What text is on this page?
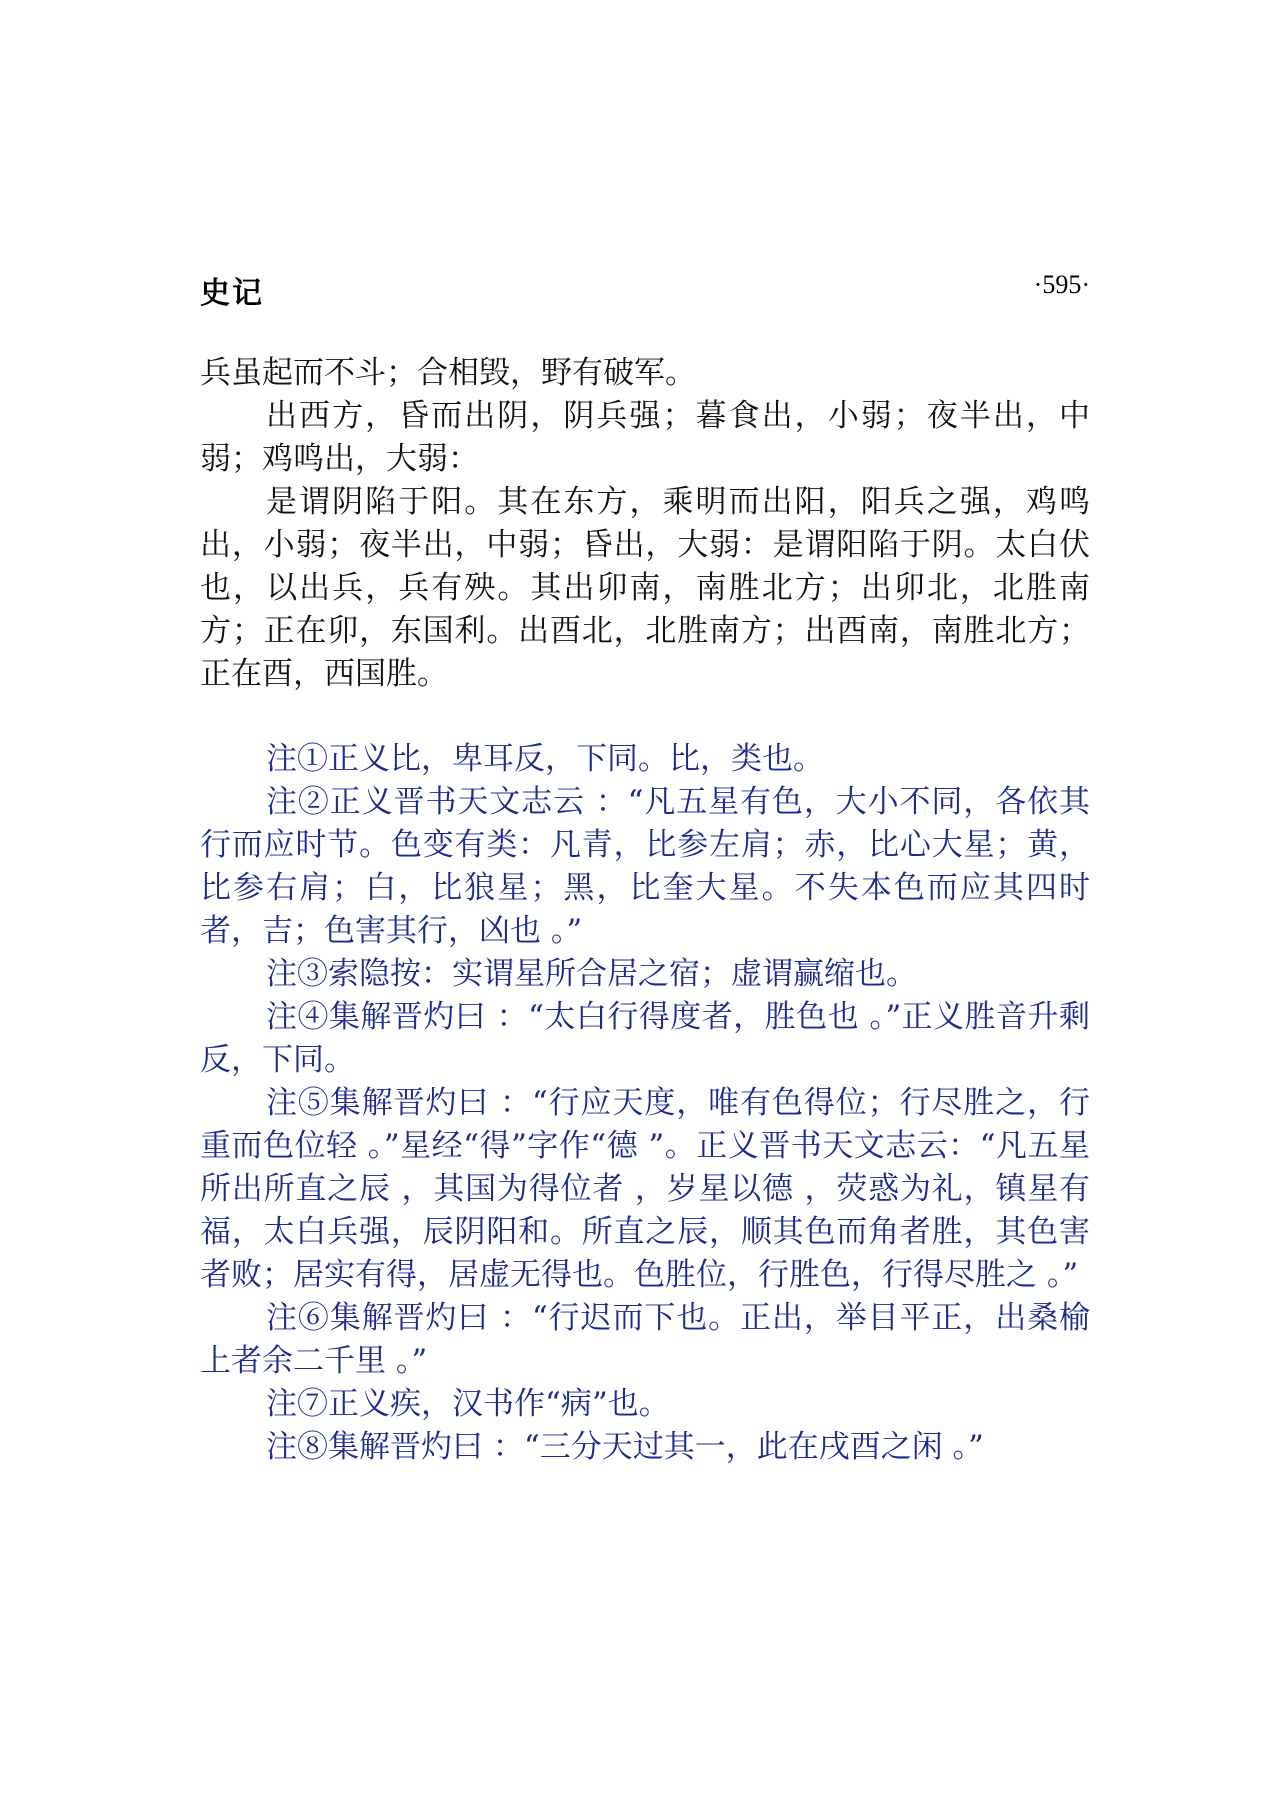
史记	·595·

兵虽起而不斗；合相毁，野有破军。

出西方，昏而出阴，阴兵强；暮食出，小弱；夜半出，中弱；鸡鸣出，大弱：

是谓阴陷于阳。其在东方，乘明而出阳，阳兵之强，鸡鸣出，小弱；夜半出，中弱；昏出，大弱：是谓阳陷于阴。太白伏也，以出兵，兵有殃。其出卯南，南胜北方；出卯北，北胜南方；正在卯，东国利。出酉北，北胜南方；出酉南，南胜北方；正在酉，西国胜。

注①正义比，卑耳反，下同。比，类也。

注②正义晋书天文志云 ：“凡五星有色，大小不同，各依其行而应时节。色变有类：凡青，比参左肩；赤，比心大星；黄，比参右肩；白，比狼星；黑，比奎大星。不失本色而应其四时者，吉；色害其行，凶也 。”

注③索隐按：实谓星所合居之宿；虚谓赢缩也。

注④集解晋灼曰 ：“太白行得度者，胜色也 。”正义胜音升剩反，下同。

注⑤集解晋灼曰 ：“行应天度，唯有色得位；行尽胜之，行重而色位轻 。”星经“得”字作“德 ”。正义晋书天文志云：“凡五星所出所直之辰 ，其国为得位者 ，岁星以德 ，荧惑为礼，镇星有福，太白兵强，辰阴阳和。所直之辰，顺其色而角者胜，其色害者败；居实有得，居虚无得也。色胜位，行胜色，行得尽胜之 。”

注⑥集解晋灼曰 ：“行迟而下也。正出，举目平正，出桑榆上者余二千里 。”

注⑦正义疾，汉书作“病”也。

注⑧集解晋灼曰 ：“三分天过其一，此在戌酉之闲 。”
